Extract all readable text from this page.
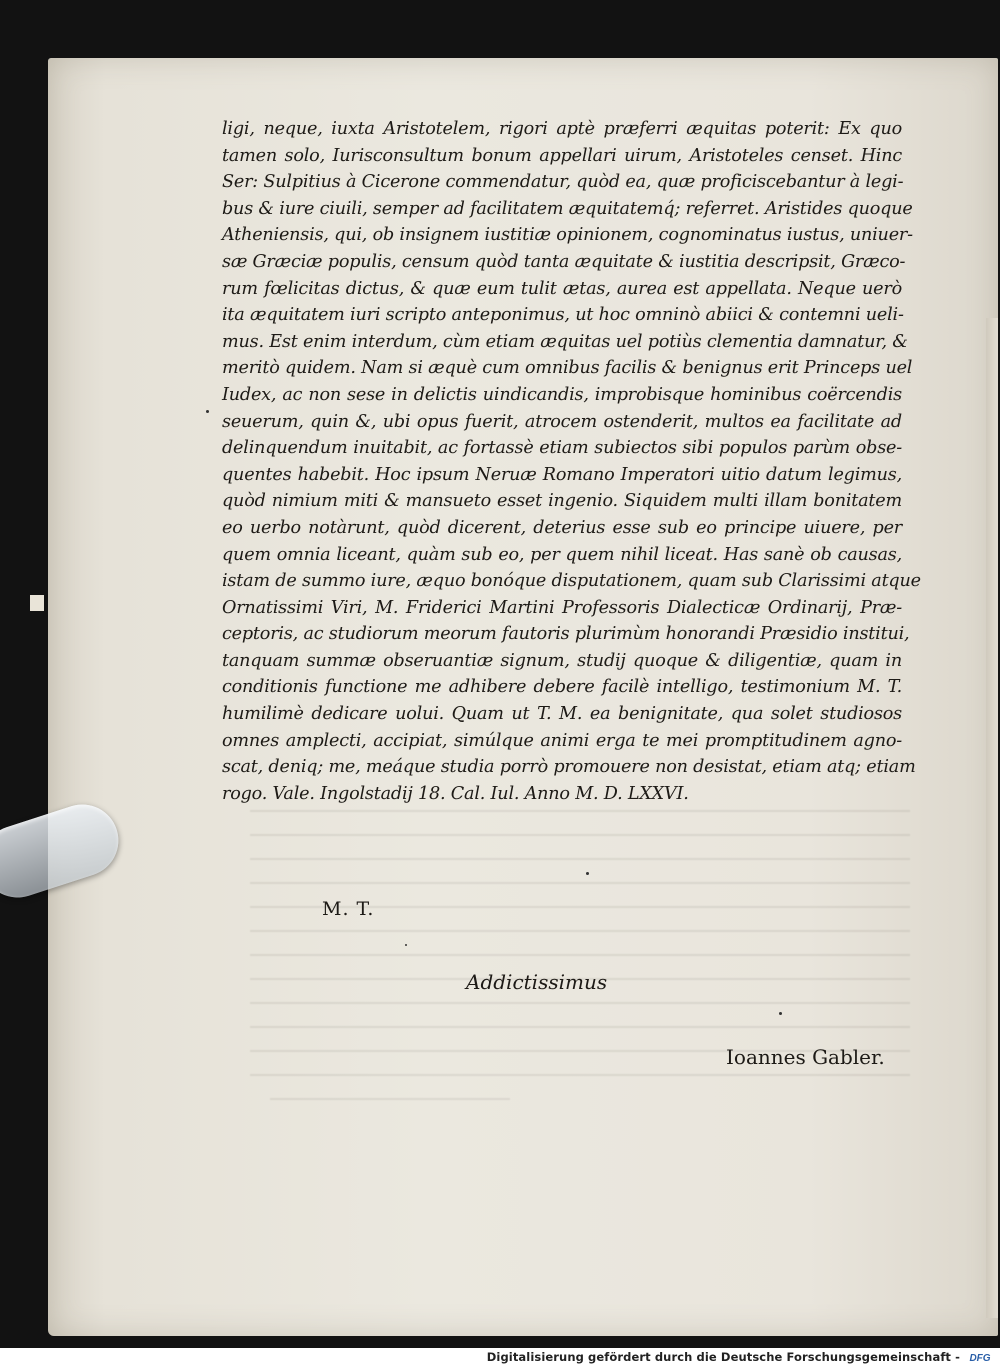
ligi, neque, iuxta Aristotelem, rigori aptè præferri æquitas poterit: Ex quo
tamen solo, Iurisconsultum bonum appellari uirum, Aristoteles censet. Hinc
Ser: Sulpitius à Cicerone commendatur, quòd ea, quæ proficiscebantur à legi-
bus & iure ciuili, semper ad facilitatem æquitatemq́; referret. Aristides quoque
Atheniensis, qui, ob insignem iustitiæ opinionem, cognominatus iustus, uniuer-
sæ Græciæ populis, censum quòd tanta æquitate & iustitia descripsit, Græco-
rum fœlicitas dictus, & quæ eum tulit ætas, aurea est appellata. Neque uerò
ita æquitatem iuri scripto anteponimus, ut hoc omninò abiici & contemni ueli-
mus. Est enim interdum, cùm etiam æquitas uel potiùs clementia damnatur, &
meritò quidem. Nam si æquè cum omnibus facilis & benignus erit Princeps uel
Iudex, ac non sese in delictis uindicandis, improbisque hominibus coërcendis
seuerum, quin &, ubi opus fuerit, atrocem ostenderit, multos ea facilitate ad
delinquendum inuitabit, ac fortassè etiam subiectos sibi populos parùm obse-
quentes habebit. Hoc ipsum Neruæ Romano Imperatori uitio datum legimus,
quòd nimium miti & mansueto esset ingenio. Siquidem multi illam bonitatem
eo uerbo notàrunt, quòd dicerent, deterius esse sub eo principe uiuere, per
quem omnia liceant, quàm sub eo, per quem nihil liceat. Has sanè ob causas,
istam de summo iure, æquo bonóque disputationem, quam sub Clarissimi atque
Ornatissimi Viri, M. Friderici Martini Professoris Dialecticæ Ordinarij, Præ-
ceptoris, ac studiorum meorum fautoris plurimùm honorandi Præsidio institui,
tanquam summæ obseruantiæ signum, studij quoque & diligentiæ, quam in
conditionis functione me adhibere debere facilè intelligo, testimonium M. T.
humilimè dedicare uolui. Quam ut T. M. ea benignitate, qua solet studiosos
omnes amplecti, accipiat, simúlque animi erga te mei promptitudinem agno-
scat, deniq; me, meáque studia porrò promouere non desistat, etiam atq; etiam
rogo. Vale. Ingolstadij 18. Cal. Iul. Anno M. D. LXXVI.
M. T.
Addictissimus
Ioannes Gabler.
Digitalisierung gefördert durch die Deutsche Forschungsgemeinschaft - DFG
